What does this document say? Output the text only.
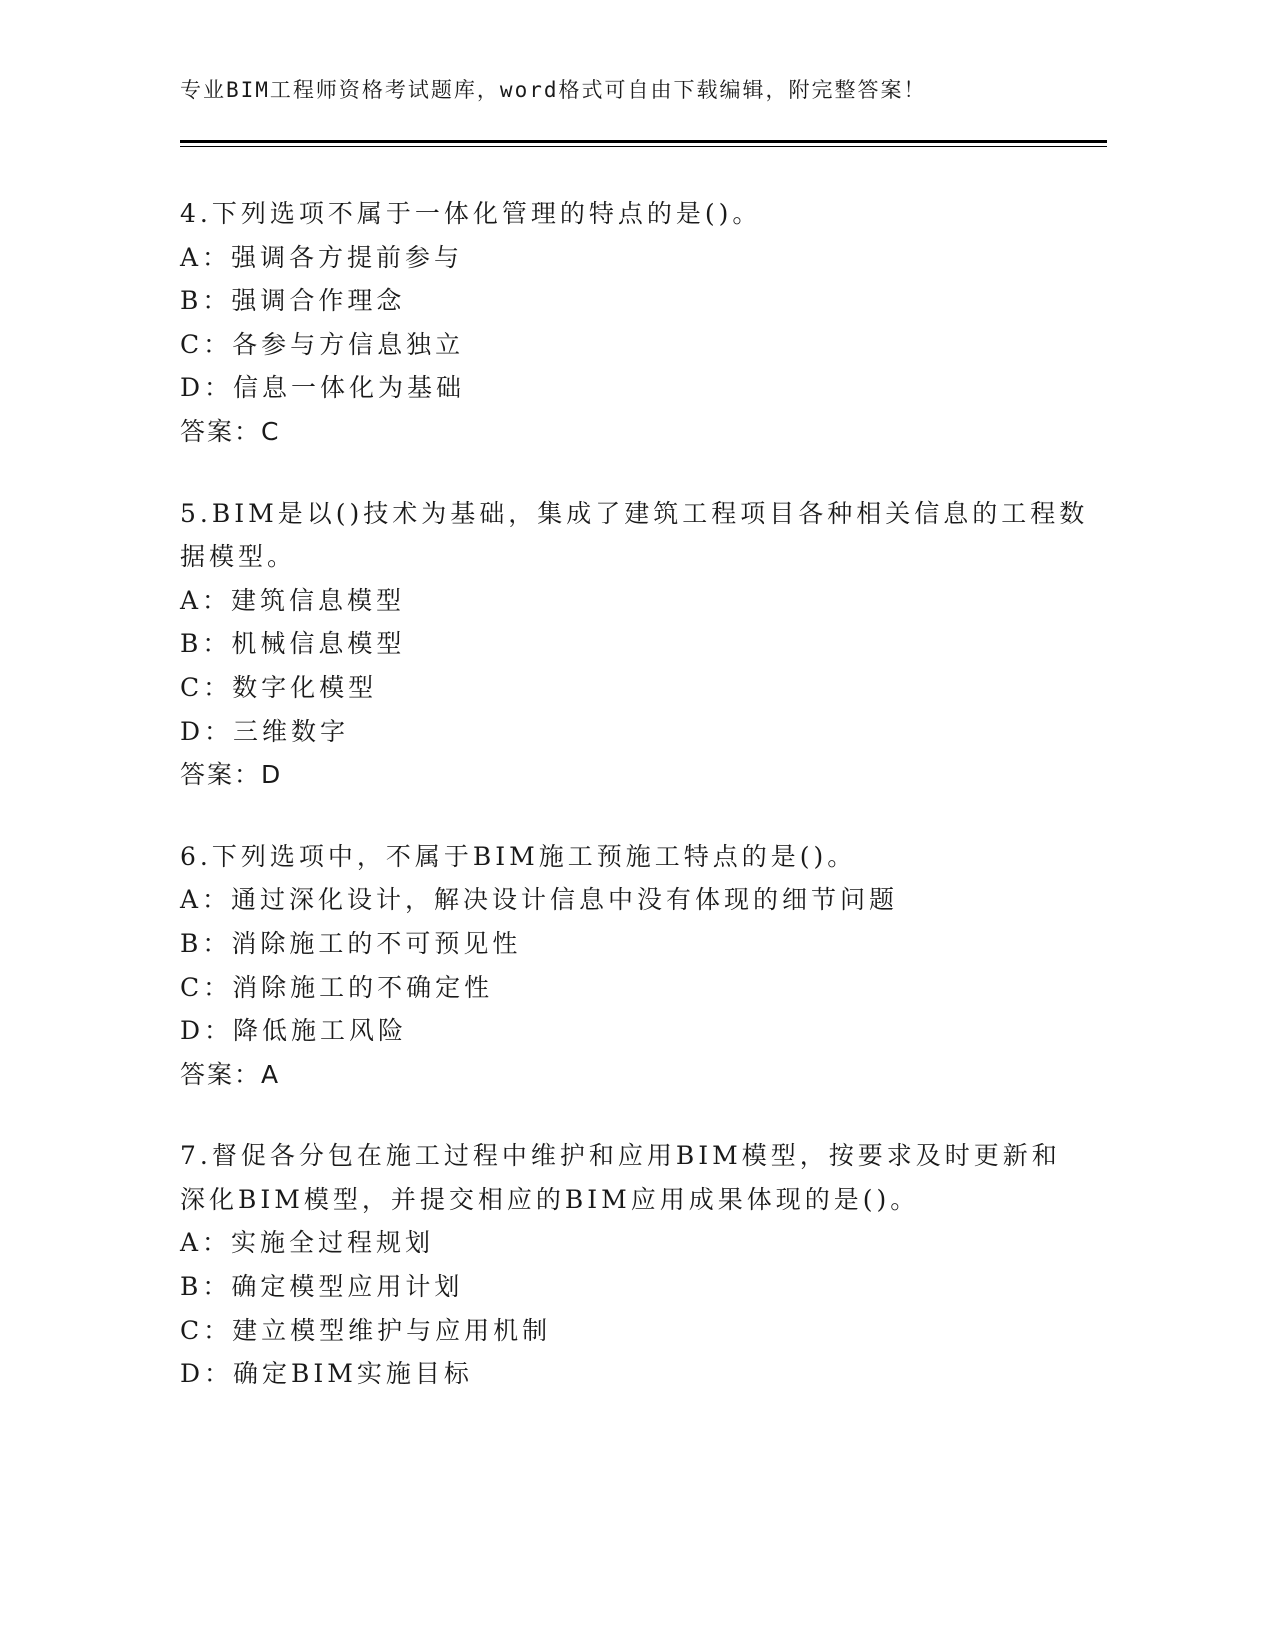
专业BIM工程师资格考试题库，word格式可自由下载编辑，附完整答案！
4.下列选项不属于一体化管理的特点的是()。
A：强调各方提前参与
B：强调合作理念
C：各参与方信息独立
D：信息一体化为基础
答案：C
5.BIM是以()技术为基础，集成了建筑工程项目各种相关信息的工程数
据模型。
A：建筑信息模型
B：机械信息模型
C：数字化模型
D：三维数字
答案：D
6.下列选项中，不属于BIM施工预施工特点的是()。
A：通过深化设计，解决设计信息中没有体现的细节问题
B：消除施工的不可预见性
C：消除施工的不确定性
D：降低施工风险
答案：A
7.督促各分包在施工过程中维护和应用BIM模型，按要求及时更新和
深化BIM模型，并提交相应的BIM应用成果体现的是()。
A：实施全过程规划
B：确定模型应用计划
C：建立模型维护与应用机制
D：确定BIM实施目标
